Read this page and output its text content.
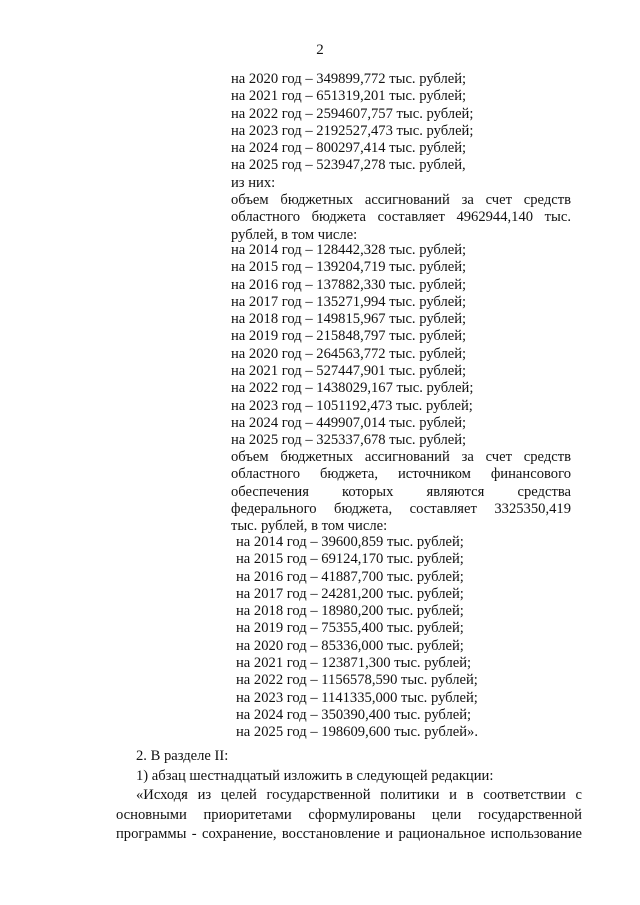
2
на 2020 год – 349899,772 тыс. рублей;
на 2021 год – 651319,201 тыс. рублей;
на 2022 год – 2594607,757 тыс. рублей;
на 2023 год – 2192527,473 тыс. рублей;
на 2024 год – 800297,414 тыс. рублей;
на 2025 год – 523947,278 тыс. рублей,
из них:
объем бюджетных ассигнований за счет средств
областного бюджета составляет 4962944,140 тыс.
рублей, в том числе:
на 2014 год – 128442,328 тыс. рублей;
на 2015 год – 139204,719 тыс. рублей;
на 2016 год – 137882,330 тыс. рублей;
на 2017 год – 135271,994 тыс. рублей;
на 2018 год – 149815,967 тыс. рублей;
на 2019 год – 215848,797 тыс. рублей;
на 2020 год – 264563,772 тыс. рублей;
на 2021 год – 527447,901 тыс. рублей;
на 2022 год – 1438029,167 тыс. рублей;
на 2023 год – 1051192,473 тыс. рублей;
на 2024 год – 449907,014 тыс. рублей;
на 2025 год – 325337,678 тыс. рублей;
объем бюджетных ассигнований за счет средств
областного бюджета, источником финансового
обеспечения которых являются средства
федерального бюджета, составляет 3325350,419
тыс. рублей, в том числе:
на 2014 год – 39600,859 тыс. рублей;
на 2015 год – 69124,170 тыс. рублей;
на 2016 год – 41887,700 тыс. рублей;
на 2017 год – 24281,200 тыс. рублей;
на 2018 год – 18980,200 тыс. рублей;
на 2019 год – 75355,400 тыс. рублей;
на 2020 год – 85336,000 тыс. рублей;
на 2021 год – 123871,300 тыс. рублей;
на 2022 год – 1156578,590 тыс. рублей;
на 2023 год – 1141335,000 тыс. рублей;
на 2024 год – 350390,400 тыс. рублей;
на 2025 год – 198609,600 тыс. рублей».
2. В разделе II:
1) абзац шестнадцатый изложить в следующей редакции:
«Исходя из целей государственной политики и в соответствии с
основными приоритетами сформулированы цели государственной
программы - сохранение, восстановление и рациональное использование
